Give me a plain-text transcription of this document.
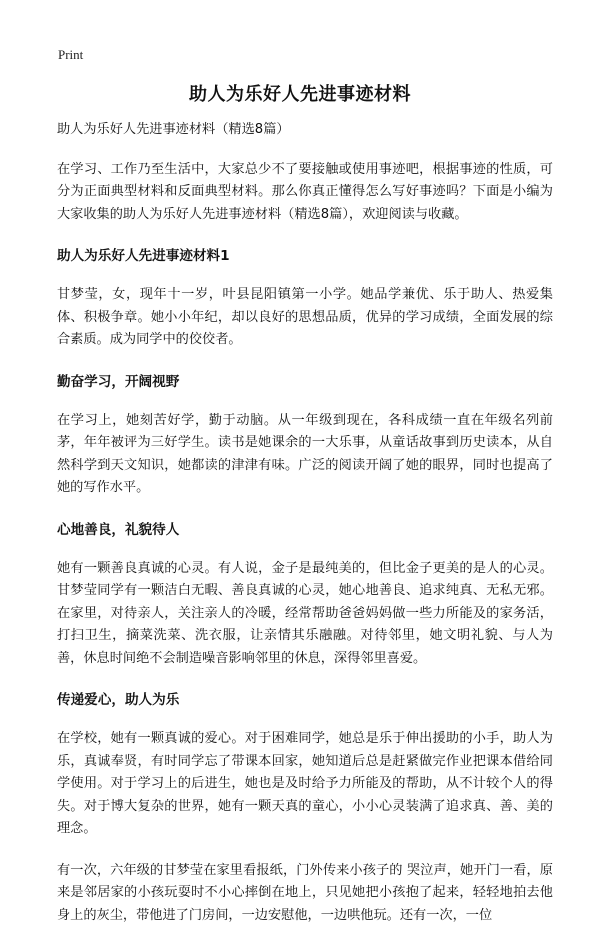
Print
助人为乐好人先进事迹材料

助人为乐好人先进事迹材料（精选8篇）

在学习、工作乃至生活中，大家总少不了要接触或使用事迹吧，根据事迹的性质，可分为正面典型材料和反面典型材料。那么你真正懂得怎么写好事迹吗？下面是小编为大家收集的助人为乐好人先进事迹材料（精选8篇），欢迎阅读与收藏。

助人为乐好人先进事迹材料1

甘梦莹，女，现年十一岁，叶县昆阳镇第一小学。她品学兼优、乐于助人、热爱集体、积极争章。她小小年纪，却以良好的思想品质，优异的学习成绩，全面发展的综合素质。成为同学中的佼佼者。

勤奋学习，开阔视野

在学习上，她刻苦好学，勤于动脑。从一年级到现在，各科成绩一直在年级名列前茅，年年被评为三好学生。读书是她课余的一大乐事，从童话故事到历史读本，从自然科学到天文知识，她都读的津津有味。广泛的阅读开阔了她的眼界，同时也提高了她的写作水平。

心地善良，礼貌待人

她有一颗善良真诚的心灵。有人说，金子是最纯美的，但比金子更美的是人的心灵。甘梦莹同学有一颗洁白无暇、善良真诚的心灵，她心地善良、追求纯真、无私无邪。在家里，对待亲人，关注亲人的冷暖，经常帮助爸爸妈妈做一些力所能及的家务活，打扫卫生，摘菜洗菜、洗衣服，让亲情其乐融融。对待邻里，她文明礼貌、与人为善，休息时间绝不会制造噪音影响邻里的休息，深得邻里喜爱。

传递爱心，助人为乐

在学校，她有一颗真诚的爱心。对于困难同学，她总是乐于伸出援助的小手，助人为乐，真诚奉贤，有时同学忘了带课本回家，她知道后总是赶紧做完作业把课本借给同学使用。对于学习上的后进生，她也是及时给予力所能及的帮助，从不计较个人的得失。对于博大复杂的世界，她有一颗天真的童心，小小心灵装满了追求真、善、美的理念。

有一次，六年级的甘梦莹在家里看报纸，门外传来小孩子的 哭泣声，她开门一看，原来是邻居家的小孩玩耍时不小心摔倒在地上，只见她把小孩抱了起来，轻轻地拍去他身上的灰尘，带他进了门房间，一边安慰他，一边哄他玩。还有一次，一位
